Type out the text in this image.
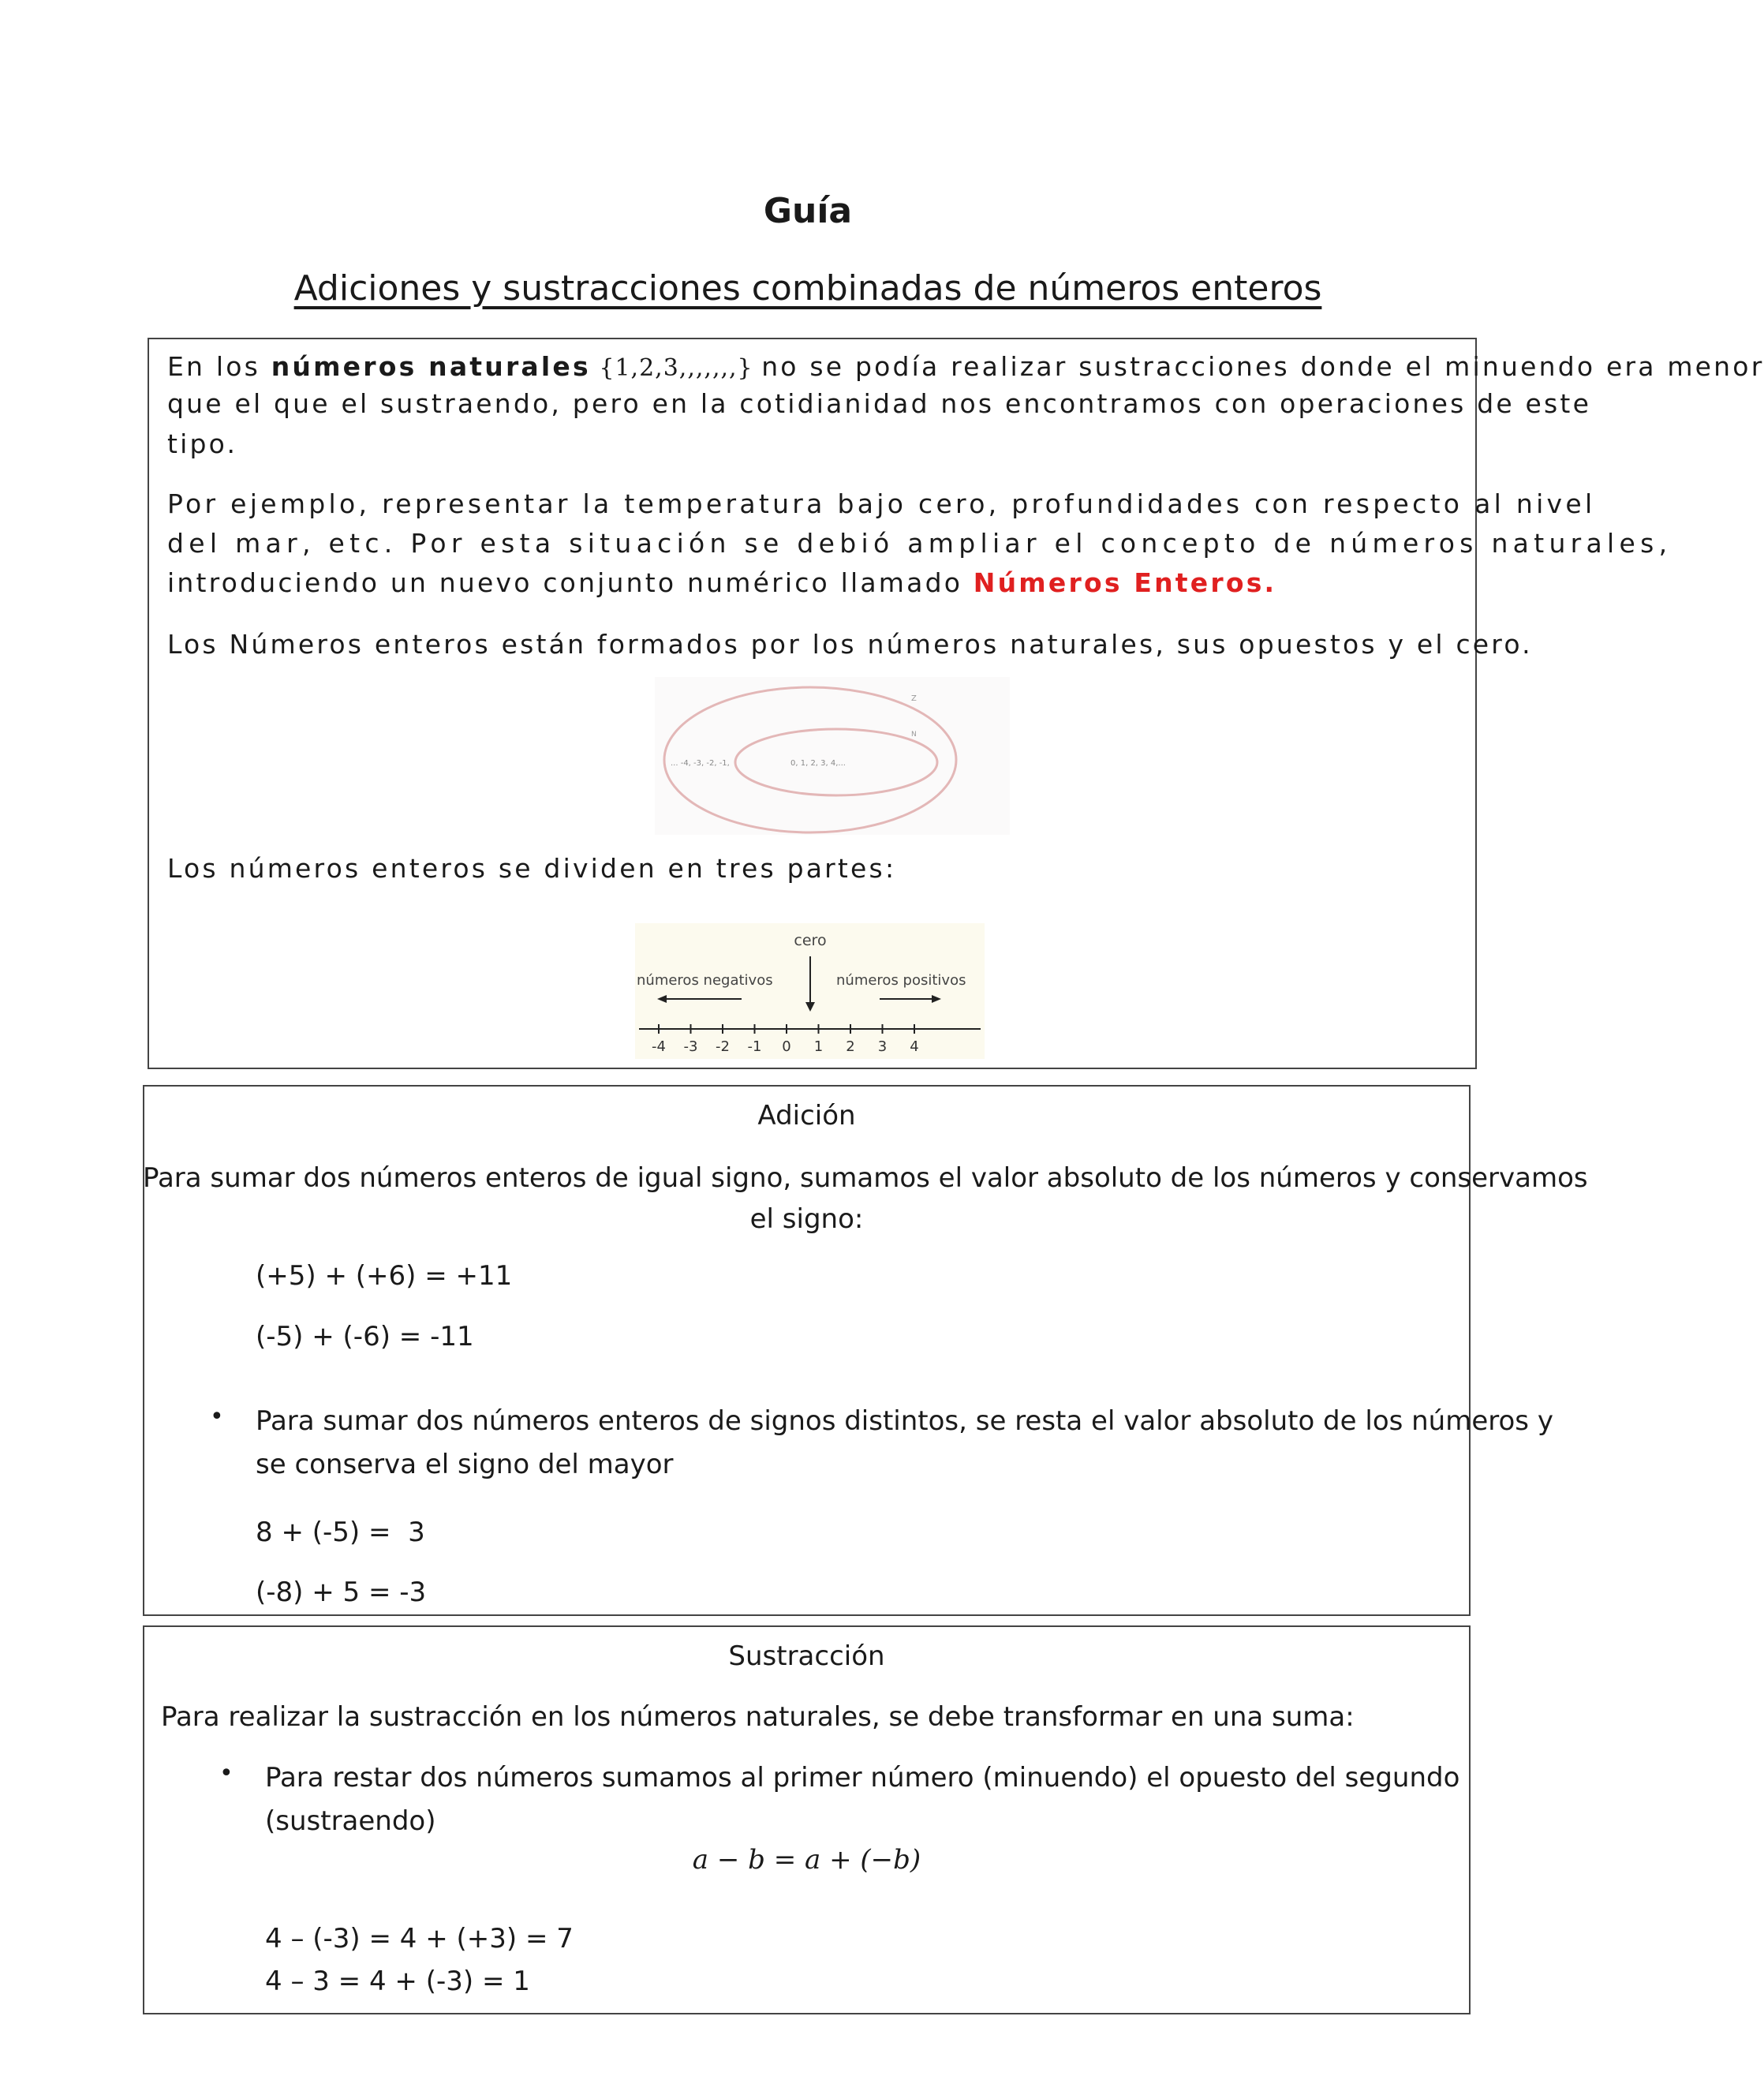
Guía
Adiciones y sustracciones combinadas de números enteros
En los números naturales {1,2,3,,,,,,,} no se podía realizar sustracciones donde el minuendo era menor
que el que el sustraendo, pero en la cotidianidad nos encontramos con operaciones de este
tipo.
Por ejemplo, representar la temperatura bajo cero, profundidades con respecto al nivel
del mar, etc. Por esta situación se debió ampliar el concepto de números naturales,
introduciendo un nuevo conjunto numérico llamado Números Enteros.
Los Números enteros están formados por los números naturales, sus opuestos y el cero.
Z
N
... -4, -3, -2, -1,	0, 1, 2, 3, 4,...
Los números enteros se dividen en tres partes:
cero
números negativos	números positivos
-4 -3 -2 -1 0 1 2 3 4
Adición
Para sumar dos números enteros de igual signo, sumamos el valor absoluto de los números y conservamos
el signo:
(+5) + (+6) = +11
(-5) + (-6) = -11
• Para sumar dos números enteros de signos distintos, se resta el valor absoluto de los números y
se conserva el signo del mayor
8 + (-5) =  3
(-8) + 5 = -3
Sustracción
Para realizar la sustracción en los números naturales, se debe transformar en una suma:
• Para restar dos números sumamos al primer número (minuendo) el opuesto del segundo
(sustraendo)
a − b = a + (−b)
4 – (-3) = 4 + (+3) = 7
4 – 3 = 4 + (-3) = 1
